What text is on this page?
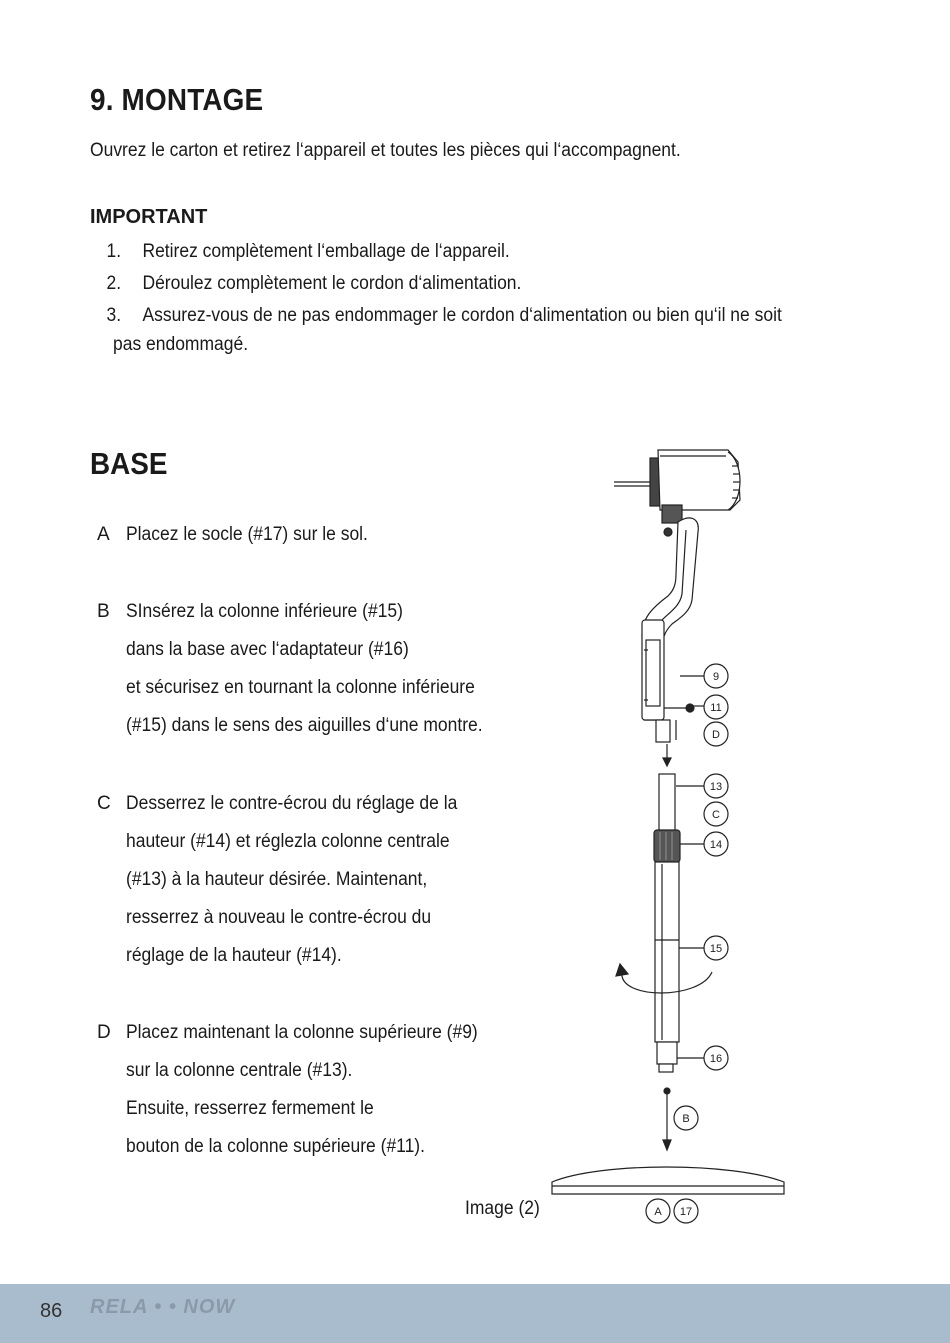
9. MONTAGE
Ouvrez le carton et retirez l‘appareil et toutes les pièces qui l‘accompagnent.
IMPORTANT
1. Retirez complètement l‘emballage de l‘appareil.
2. Déroulez complètement le cordon d‘alimentation.
3. Assurez-vous de ne pas endommager le cordon d‘alimentation ou bien qu‘il ne soit
pas endommagé.
BASE
A Placez le socle (#17) sur le sol.
B SInsérez la colonne inférieure (#15)
dans la base avec l‘adaptateur (#16)
et sécurisez en tournant la colonne inférieure
(#15) dans le sens des aiguilles d‘une montre.
C Desserrez le contre-écrou du réglage de la
hauteur (#14) et réglezla colonne centrale
(#13) à la hauteur désirée. Maintenant,
resserrez à nouveau le contre-écrou du
réglage de la hauteur (#14).
D Placez maintenant la colonne supérieure (#9)
sur la colonne centrale (#13).
Ensuite, resserrez fermement le
bouton de la colonne supérieure (#11).
Image (2)
9
11
D
13
C
14
15
16
B
A 17
86 RELA • • NOW
